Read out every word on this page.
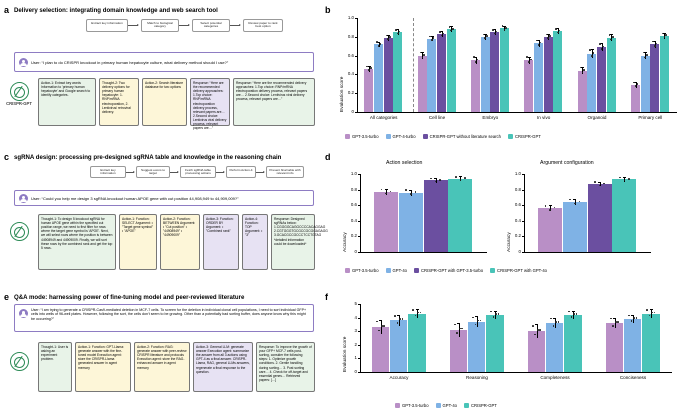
a Delivery selection: integrating domain knowledge and web search tool
Extract key information	Match to biological category
Select potential categories
Review paper to rank best option
User: “I plan to do CRISPR knockout in primary human hepatocyte culture, what delivery method should I use?”
CRISPR-GPT
Action-1: Extract key words Information to 'primary human hepatocyte' and Google search to identify categories.
Thought-2: Two delivery options for primary human hepatocyte: 1. RNP/mRNA electroporation, 2. Lentivirus/ retroviral delivery.
Action-2: Search literature database for two options
Response: “Here are the recommended delivery approaches: 1.Top choice: RNP/mRNA electroporation delivery process, relevant papers are… 2.Second choice: Lentivirus viral delivery process, relevant papers are…”
Response: “Here are the recommended delivery approaches: 1.Top choice: RNP/mRNA electroporation delivery process, relevant papers are… 2.Second choice: Lentivirus viral delivery process, relevant papers are…”
b
0
0.2
0.4
0.6
0.8
1.0
Evaluation score
All categories	Cell line	Embryo	In vivo	Organoid	Primary cell
GPT-3.5-turbo	GPT-4-turbo	CRISPR-GPT without literature search	CRISPR-GPT
c sgRNA design: processing pre-designed sgRNA table and knowledge in the reasoning chain
Extract key information
Suggest exons to target
Fetch sgRNA table processing actions
Perform Action-4	Present final table with relevant info
User: “Could you help me design 3 sgRNA knockout human APOE gene with cut position 44,908,949 to 44,909,009?”
Thought-1: To design 5 knockout sgRNA for human APOE gene within the specified cut position range, we need to first filter for rows where the target gene symbol is 'APOE'. Next, we will select rows where the position is between 44908949 and 44909009. Finally, we will sort these rows by the combined rank and get the top 5 rows.
Action-1: Function: SELECT Argument: • "Target gene symbol" • "APOE"
Action-2: Function: BETWEEN Argument: • "Cut position" • "44908949" • "44909009"
Action-3: Function: ORDER BY Argument: • "Combined rank"
Action-4: Function: TOP Argument: • "3"
Response: Designed sgRNAs below: 1.CGGGGCAGGCCCCACAGGAG 2.CGTGGGTGCGCCGCGGAGAGG 3.GCACGCCGCCCTCCTGTAG *detailed information could be downloaded*
d
Action selection	Argument configuration
0
0.2
0.4
0.6
0.8
1.0
Accuracy	0
0.2
0.4
0.6
0.8
1.0
Accuracy
GPT-3.5-turbo	GPT-4o	CRISPR-GPT with GPT-3.5-turbo	CRISPR-GPT with GPT-4o
e Q&A mode: harnessing power of fine-tuning model and peer-reviewed literature
User: “I am trying to generate a CRISPR-Cas9-mediated deletion in MCF-7 cells. To screen for the deletion in individual clonal cell populations, I need to sort individual GFP+ cells into wells of 96-well plates. However, following the sort, the cells don't seem to be growing. Other than a potentially bad sorting buffer, does anyone know why this might be occurring?”
Thought-1: User is asking an experiment problem.
Action-1: Function: GPT-Llama: generate answer with the fine-tuned model Execution agent: store the CRISPR-Llama generated answer in agent memory
Action-2: Function: RAG: generate answer with peer-review CRISPR literature and protocols Execution agent: store the RAG-enhanced answer in agent memory
Action-3: General LLM: generate answer Execution agent: summarize the answer from all 3 actions using GPT-4 as a final answer. CRISPR-Llama, RAG, general LLMs answers, regenerate a final response to the question.
Response: To improve the growth of your GFP+ MCF-7 cells post-sorting, consider the following steps: 1. Optimize growth conditions. 2. Gentle handling during sorting… 3. Post sorting care… 4. Check for off-target and essential genes… Retrieved papers: […]
f
0
1
2
3
4
5
Evaluation score
Accuracy	Reasoning	Completeness	Conciseness
GPT-3.5-turbo	GPT-4o	CRISPR-GPT
